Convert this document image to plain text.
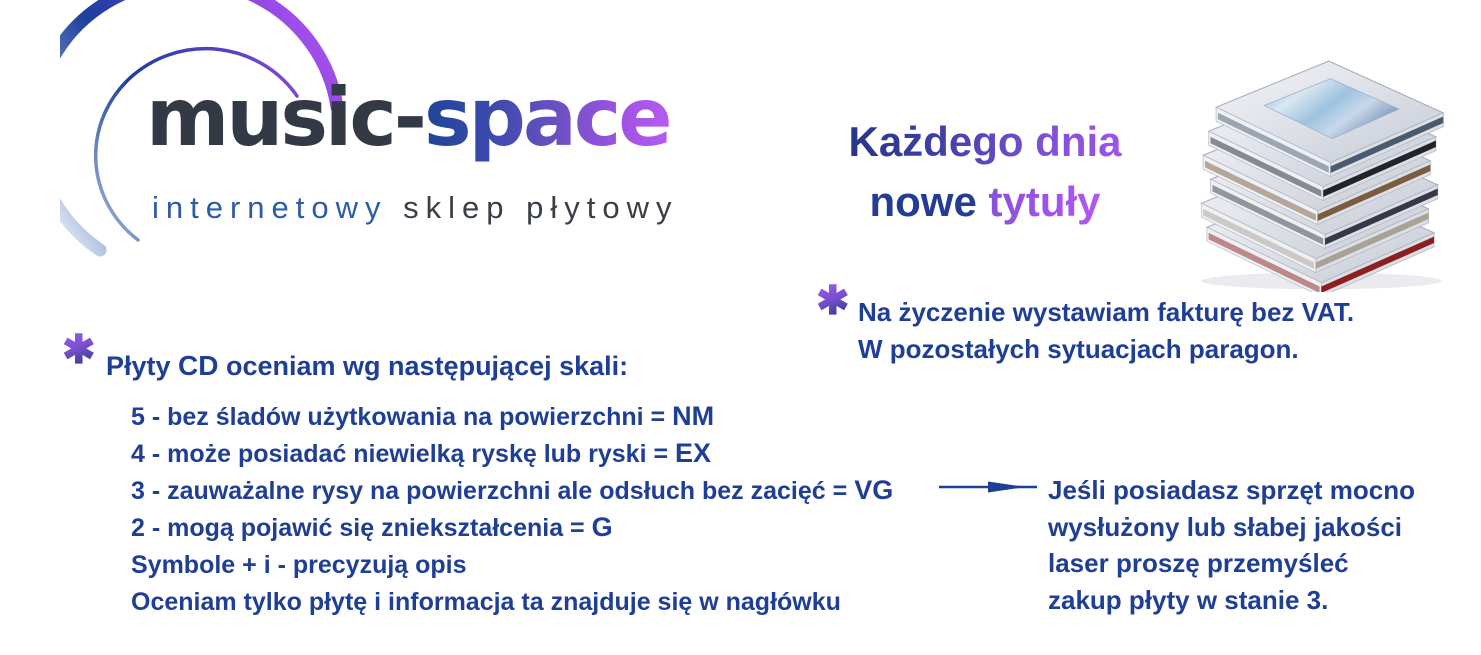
music-space
internetowy sklep płytowy
Każdego dnia
nowe tytuły
✱ Na życzenie wystawiam fakturę bez VAT.
W pozostałych sytuacjach paragon.
✱ Płyty CD oceniam wg następującej skali:
5 - bez śladów użytkowania na powierzchni = NM
4 - może posiadać niewielką ryskę lub ryski = EX
3 - zauważalne rysy na powierzchni ale odsłuch bez zacięć = VG
2 - mogą pojawić się zniekształcenia = G
Symbole + i - precyzują opis
Oceniam tylko płytę i informacja ta znajduje się w nagłówku
Jeśli posiadasz sprzęt mocno
wysłużony lub słabej jakości
laser proszę przemyśleć
zakup płyty w stanie 3.
